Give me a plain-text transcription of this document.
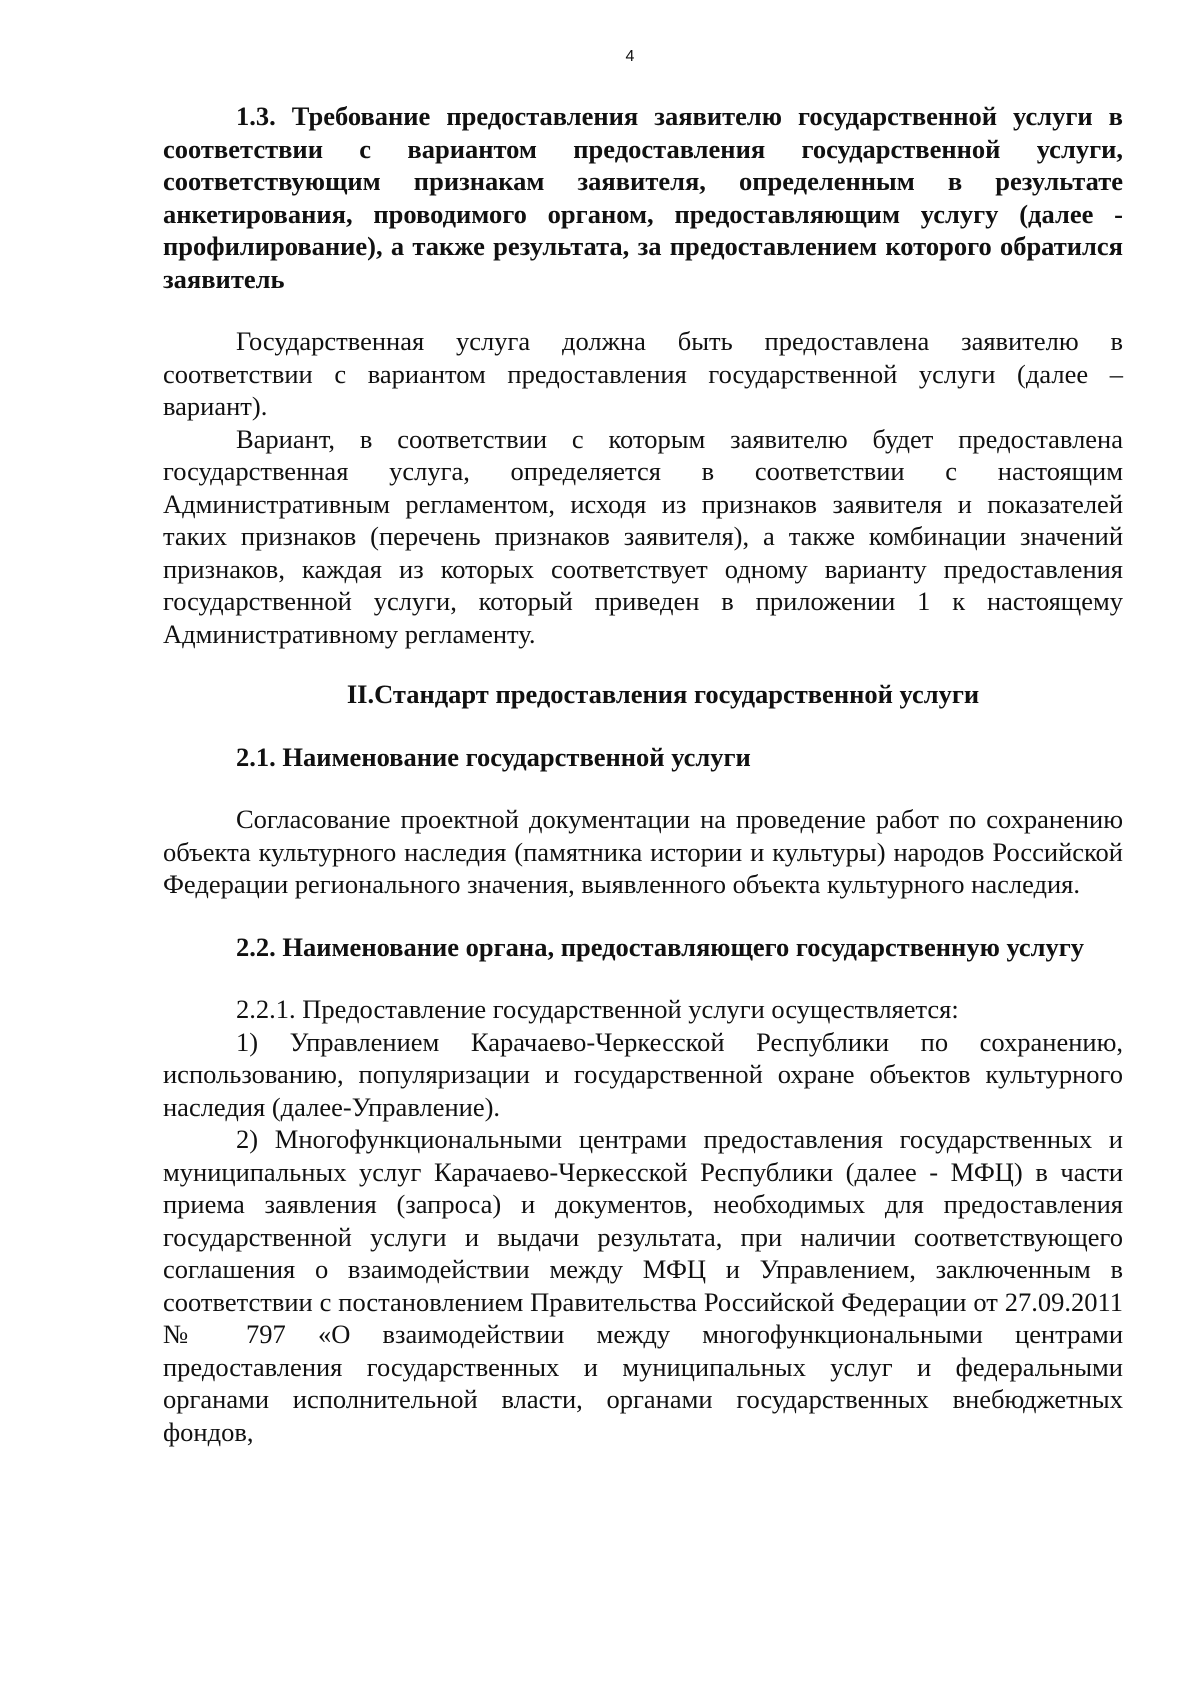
4
1.3. Требование предоставления заявителю государственной услуги в соответствии с вариантом предоставления государственной услуги, соответствующим признакам заявителя, определенным в результате анкетирования, проводимого органом, предоставляющим услугу (далее - профилирование), а также результата, за предоставлением которого обратился заявитель

Государственная услуга должна быть предоставлена заявителю в соответствии с вариантом предоставления государственной услуги (далее – вариант).

Вариант, в соответствии с которым заявителю будет предоставлена государственная услуга, определяется в соответствии с настоящим Административным регламентом, исходя из признаков заявителя и показателей таких признаков (перечень признаков заявителя), а также комбинации значений признаков, каждая из которых соответствует одному варианту предоставления государственной услуги, который приведен в приложении 1 к настоящему Административному регламенту.

II.Стандарт предоставления государственной услуги
2.1. Наименование государственной услуги

Согласование проектной документации на проведение работ по сохранению объекта культурного наследия (памятника истории и культуры) народов Российской Федерации регионального значения, выявленного объекта культурного наследия.

2.2. Наименование органа, предоставляющего государственную услугу

2.2.1. Предоставление государственной услуги осуществляется:

1) Управлением Карачаево-Черкесской Республики по сохранению, использованию, популяризации и государственной охране объектов культурного наследия (далее-Управление).

2) Многофункциональными центрами предоставления государственных и муниципальных услуг Карачаево-Черкесской Республики (далее - МФЦ) в части приема заявления (запроса) и документов, необходимых для предоставления государственной услуги и выдачи результата, при наличии соответствующего соглашения о взаимодействии между МФЦ и Управлением, заключенным в соответствии с постановлением Правительства Российской Федерации от 27.09.2011 № 797 «О взаимодействии между многофункциональными центрами предоставления государственных и муниципальных услуг и федеральными органами исполнительной власти, органами государственных внебюджетных фондов,
